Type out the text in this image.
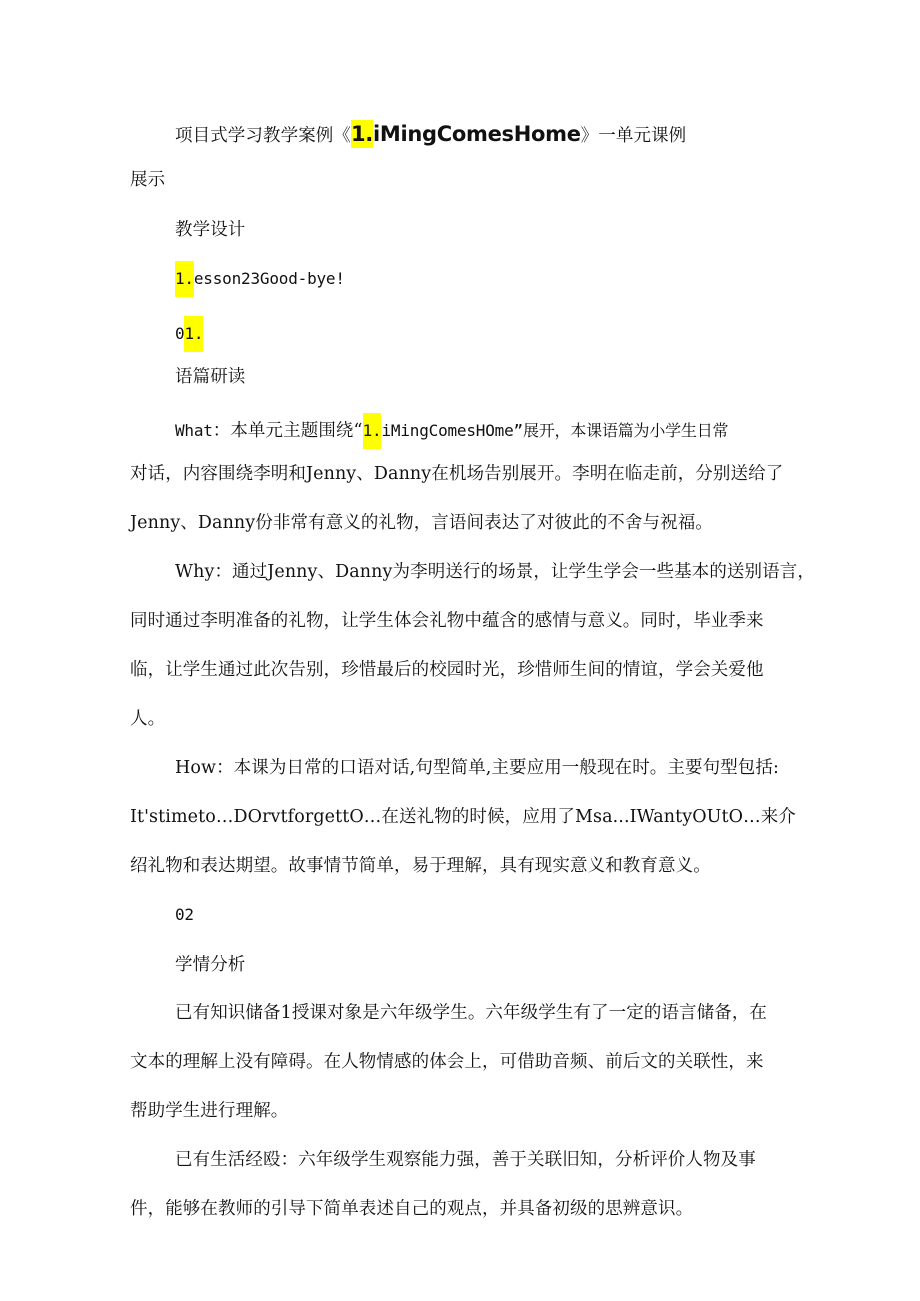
项目式学习教学案例《1.iMingComesHome》一单元课例
展示
教学设计
1.esson23Good-bye!
01.
语篇研读
What：本单元主题围绕“1.iMingComesHOme”展开，本课语篇为小学生日常
对话，内容围绕李明和Jenny、Danny在机场告别展开。李明在临走前，分别送给了
Jenny、Danny份非常有意义的礼物，言语间表达了对彼此的不舍与祝福。
Why：通过Jenny、Danny为李明送行的场景，让学生学会一些基本的送别语言，
同时通过李明准备的礼物，让学生体会礼物中蕴含的感情与意义。同时，毕业季来
临，让学生通过此次告别，珍惜最后的校园时光，珍惜师生间的情谊，学会关爱他
人。
How：本课为日常的口语对话,句型简单,主要应用一般现在时。主要句型包括:
It'stimeto…DOrvtforgettO…在送礼物的时候，应用了Msa...IWantyOUtO…来介
绍礼物和表达期望。故事情节简单，易于理解，具有现实意义和教育意义。
02
学情分析
已有知识储备1授课对象是六年级学生。六年级学生有了一定的语言储备，在
文本的理解上没有障碍。在人物情感的体会上，可借助音频、前后文的关联性，来
帮助学生进行理解。
已有生活经殴：六年级学生观察能力强，善于关联旧知，分析评价人物及事
件，能够在教师的引导下简单表述自己的观点，并具备初级的思辨意识。
